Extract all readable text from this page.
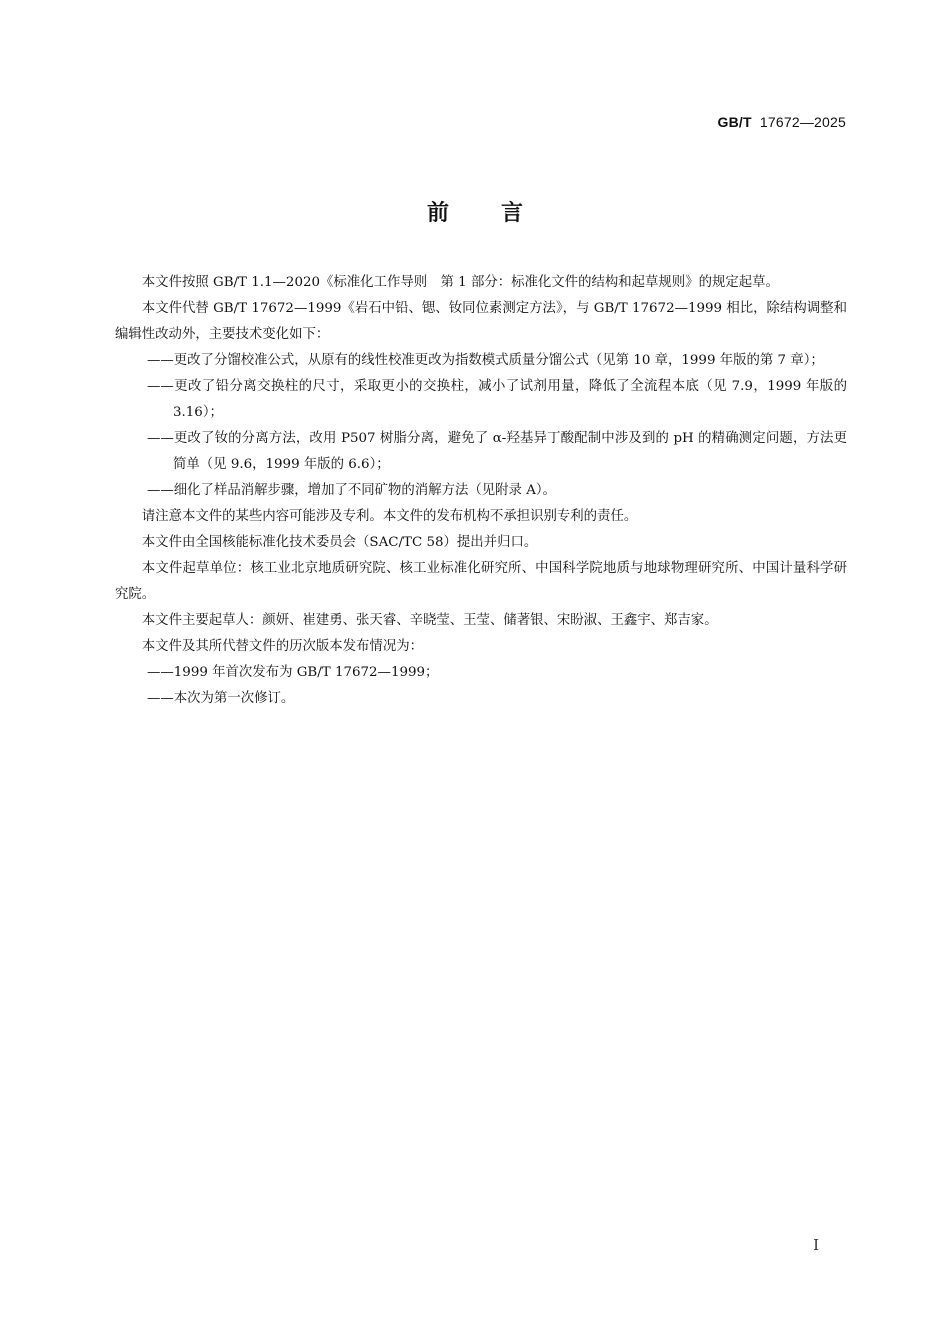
GB/T 17672—2025
前言

本文件按照 GB/T 1.1—2020《标准化工作导则　第 1 部分：标准化文件的结构和起草规则》的规定起草。

本文件代替 GB/T 17672—1999《岩石中铅、锶、钕同位素测定方法》，与 GB/T 17672—1999 相比，除结构调整和编辑性改动外，主要技术变化如下：

——更改了分馏校准公式，从原有的线性校准更改为指数模式质量分馏公式（见第 10 章，1999 年版的第 7 章）；

——更改了铅分离交换柱的尺寸，采取更小的交换柱，减小了试剂用量，降低了全流程本底（见 7.9，1999 年版的 3.16）；

——更改了钕的分离方法，改用 P507 树脂分离，避免了 α-羟基异丁酸配制中涉及到的 pH 的精确测定问题，方法更简单（见 9.6，1999 年版的 6.6）；

——细化了样品消解步骤，增加了不同矿物的消解方法（见附录 A）。

请注意本文件的某些内容可能涉及专利。本文件的发布机构不承担识别专利的责任。

本文件由全国核能标准化技术委员会（SAC/TC 58）提出并归口。

本文件起草单位：核工业北京地质研究院、核工业标准化研究所、中国科学院地质与地球物理研究所、中国计量科学研究院。

本文件主要起草人：颜妍、崔建勇、张天睿、辛晓莹、王莹、储著银、宋盼淑、王鑫宇、郑吉家。

本文件及其所代替文件的历次版本发布情况为：

——1999 年首次发布为 GB/T 17672—1999；

——本次为第一次修订。

I
